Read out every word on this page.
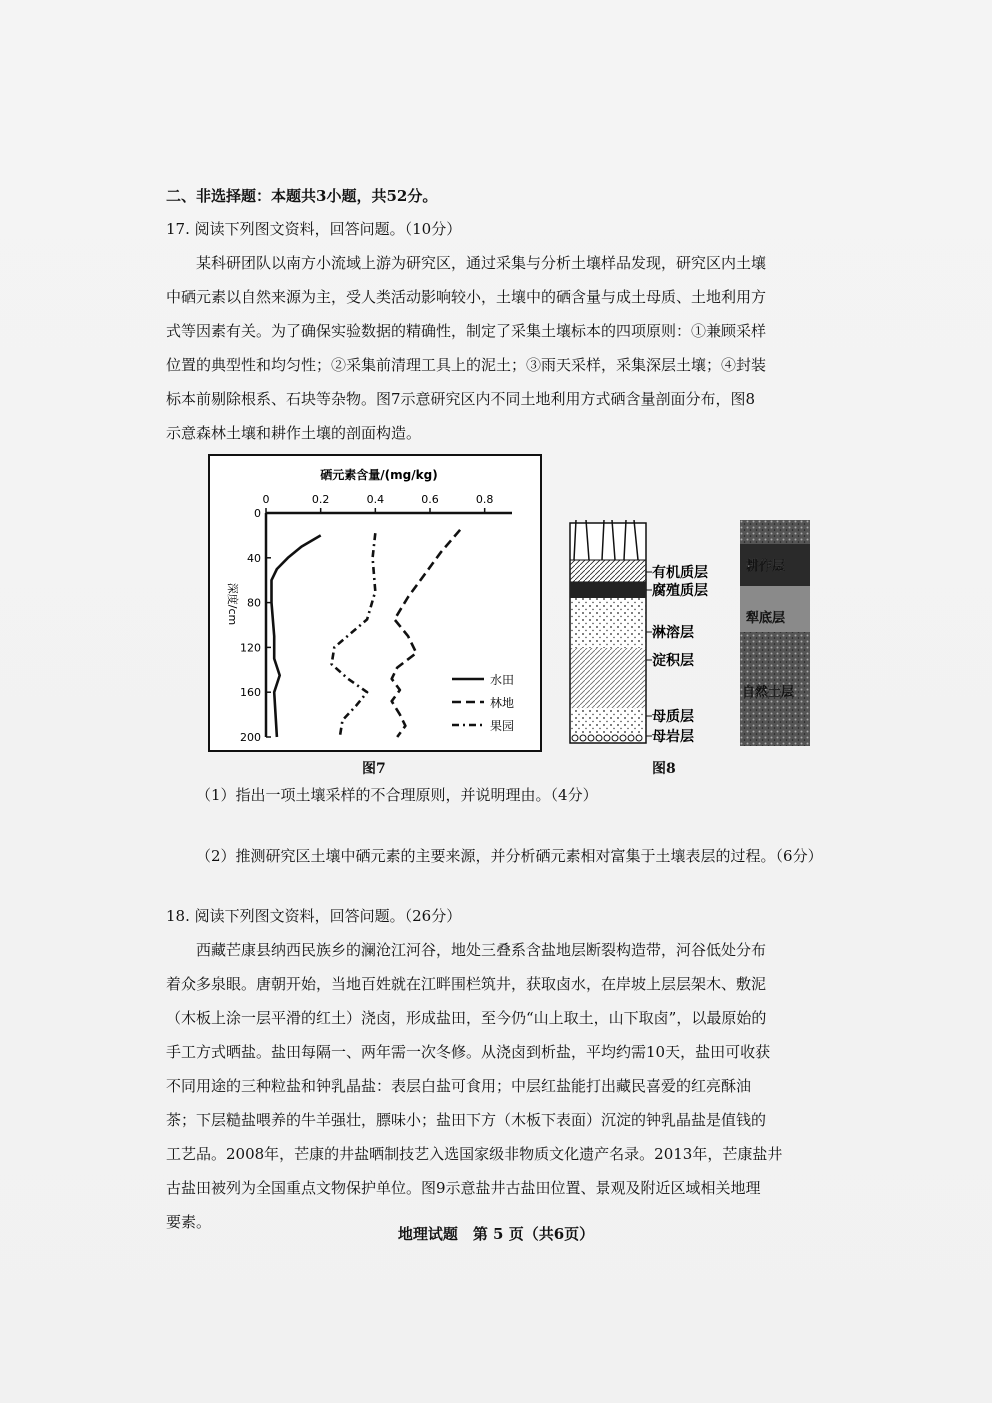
二、非选择题：本题共3小题，共52分。
17. 阅读下列图文资料，回答问题。（10分）
某科研团队以南方小流域上游为研究区，通过采集与分析土壤样品发现，研究区内土壤
中硒元素以自然来源为主，受人类活动影响较小，土壤中的硒含量与成土母质、土地利用方
式等因素有关。为了确保实验数据的精确性，制定了采集土壤标本的四项原则：①兼顾采样
位置的典型性和均匀性；②采集前清理工具上的泥土；③雨天采样，采集深层土壤；④封装
标本前剔除根系、石块等杂物。图7示意研究区内不同土地利用方式硒含量剖面分布，图8
示意森林土壤和耕作土壤的剖面构造。
硒元素含量/(mg/kg)
0	0.2	0.4	0.6	0.8
0
40
80
120
160
200
深度/cm
水田
林地
果园
图7
有机质层
腐殖质层
淋溶层
淀积层
母质层
母岩层
耕作层
犁底层
自然土层
图8
（1）指出一项土壤采样的不合理原则，并说明理由。（4分）
（2）推测研究区土壤中硒元素的主要来源，并分析硒元素相对富集于土壤表层的过程。（6分）
18. 阅读下列图文资料，回答问题。（26分）
西藏芒康县纳西民族乡的澜沧江河谷，地处三叠系含盐地层断裂构造带，河谷低处分布
着众多泉眼。唐朝开始，当地百姓就在江畔围栏筑井，获取卤水，在岸坡上层层架木、敷泥
（木板上涂一层平滑的红土）浇卤，形成盐田，至今仍“山上取土，山下取卤”，以最原始的
手工方式晒盐。盐田每隔一、两年需一次冬修。从浇卤到析盐，平均约需10天，盐田可收获
不同用途的三种粒盐和钟乳晶盐：表层白盐可食用；中层红盐能打出藏民喜爱的红亮酥油
茶；下层糙盐喂养的牛羊强壮，膘味小；盐田下方（木板下表面）沉淀的钟乳晶盐是值钱的
工艺品。2008年，芒康的井盐晒制技艺入选国家级非物质文化遗产名录。2013年，芒康盐井
古盐田被列为全国重点文物保护单位。图9示意盐井古盐田位置、景观及附近区域相关地理
要素。
地理试题　第 5 页（共6页）
